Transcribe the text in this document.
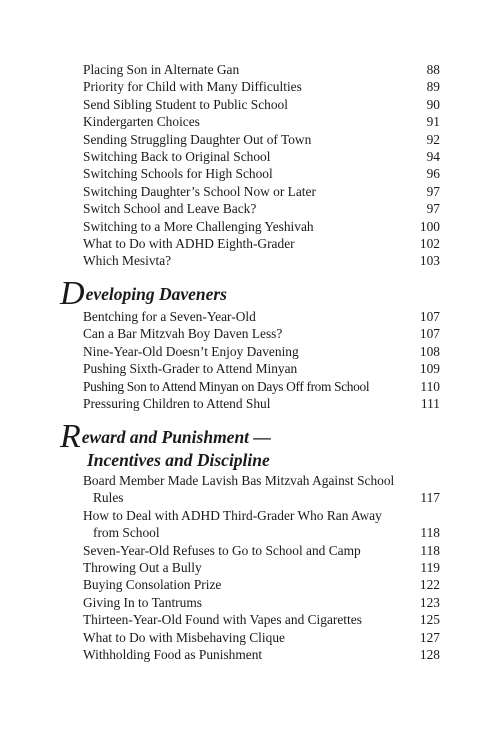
Placing Son in Alternate Gan	88
Priority for Child with Many Difficulties	89
Send Sibling Student to Public School	90
Kindergarten Choices	91
Sending Struggling Daughter Out of Town	92
Switching Back to Original School	94
Switching Schools for High School	96
Switching Daughter’s School Now or Later	97
Switch School and Leave Back?	97
Switching to a More Challenging Yeshivah	100
What to Do with ADHD Eighth-Grader	102
Which Mesivta?	103
Developing Daveners
Bentching for a Seven-Year-Old	107
Can a Bar Mitzvah Boy Daven Less?	107
Nine-Year-Old Doesn’t Enjoy Davening	108
Pushing Sixth-Grader to Attend Minyan	109
Pushing Son to Attend Minyan on Days Off from School	110
Pressuring Children to Attend Shul	111
Reward and Punishment —
Incentives and Discipline
Board Member Made Lavish Bas Mitzvah Against School
Rules	117
How to Deal with ADHD Third-Grader Who Ran Away
from School	118
Seven-Year-Old Refuses to Go to School and Camp	118
Throwing Out a Bully	119
Buying Consolation Prize	122
Giving In to Tantrums	123
Thirteen-Year-Old Found with Vapes and Cigarettes	125
What to Do with Misbehaving Clique	127
Withholding Food as Punishment	128
